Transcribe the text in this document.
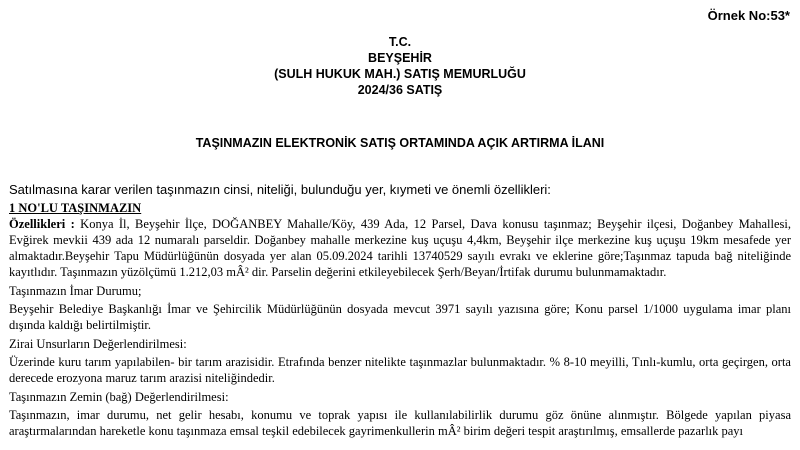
Örnek No:53*
T.C.
BEYŞEHİR
(SULH HUKUK MAH.) SATIŞ MEMURLUĞU
2024/36 SATIŞ
TAŞINMAZIN ELEKTRONİK SATIŞ ORTAMINDA AÇIK ARTIRMA İLANI
Satılmasına karar verilen taşınmazın cinsi, niteliği, bulunduğu yer, kıymeti ve önemli özellikleri:

1 NO'LU TAŞINMAZIN

Özellikleri : Konya İl, Beyşehir İlçe, DOĞANBEY Mahalle/Köy, 439 Ada, 12 Parsel, Dava konusu taşınmaz; Beyşehir ilçesi, Doğanbey Mahallesi, Evğirek mevkii 439 ada 12 numaralı parseldir. Doğanbey mahalle merkezine kuş uçuşu 4,4km, Beyşehir ilçe merkezine kuş uçuşu 19km mesafede yer almaktadır.Beyşehir Tapu Müdürlüğünün dosyada yer alan 05.09.2024 tarihli 13740529 sayılı evrakı ve eklerine göre;Taşınmaz tapuda bağ niteliğinde kayıtlıdır. Taşınmazın yüzölçümü 1.212,03 mÂ² dir. Parselin değerini etkileyebilecek Şerh/Beyan/İrtifak durumu bulunmamaktadır.

Taşınmazın İmar Durumu;

Beyşehir Belediye Başkanlığı İmar ve Şehircilik Müdürlüğünün dosyada mevcut 3971 sayılı yazısına göre; Konu parsel 1/1000 uygulama imar planı dışında kaldığı belirtilmiştir.

Zirai Unsurların Değerlendirilmesi:

Üzerinde kuru tarım yapılabilen- bir tarım arazisidir. Etrafında benzer nitelikte taşınmazlar bulunmaktadır. % 8-10 meyilli, Tınlı-kumlu, orta geçirgen, orta derecede erozyona maruz tarım arazisi niteliğindedir.

Taşınmazın Zemin (bağ) Değerlendirilmesi:

Taşınmazın, imar durumu, net gelir hesabı, konumu ve toprak yapısı ile kullanılabilirlik durumu göz önüne alınmıştır. Bölgede yapılan piyasa araştırmalarından hareketle konu taşınmaza emsal teşkil edebilecek gayrimenkullerin mÂ² birim değeri tespit araştırılmış, emsallerde pazarlık payı
